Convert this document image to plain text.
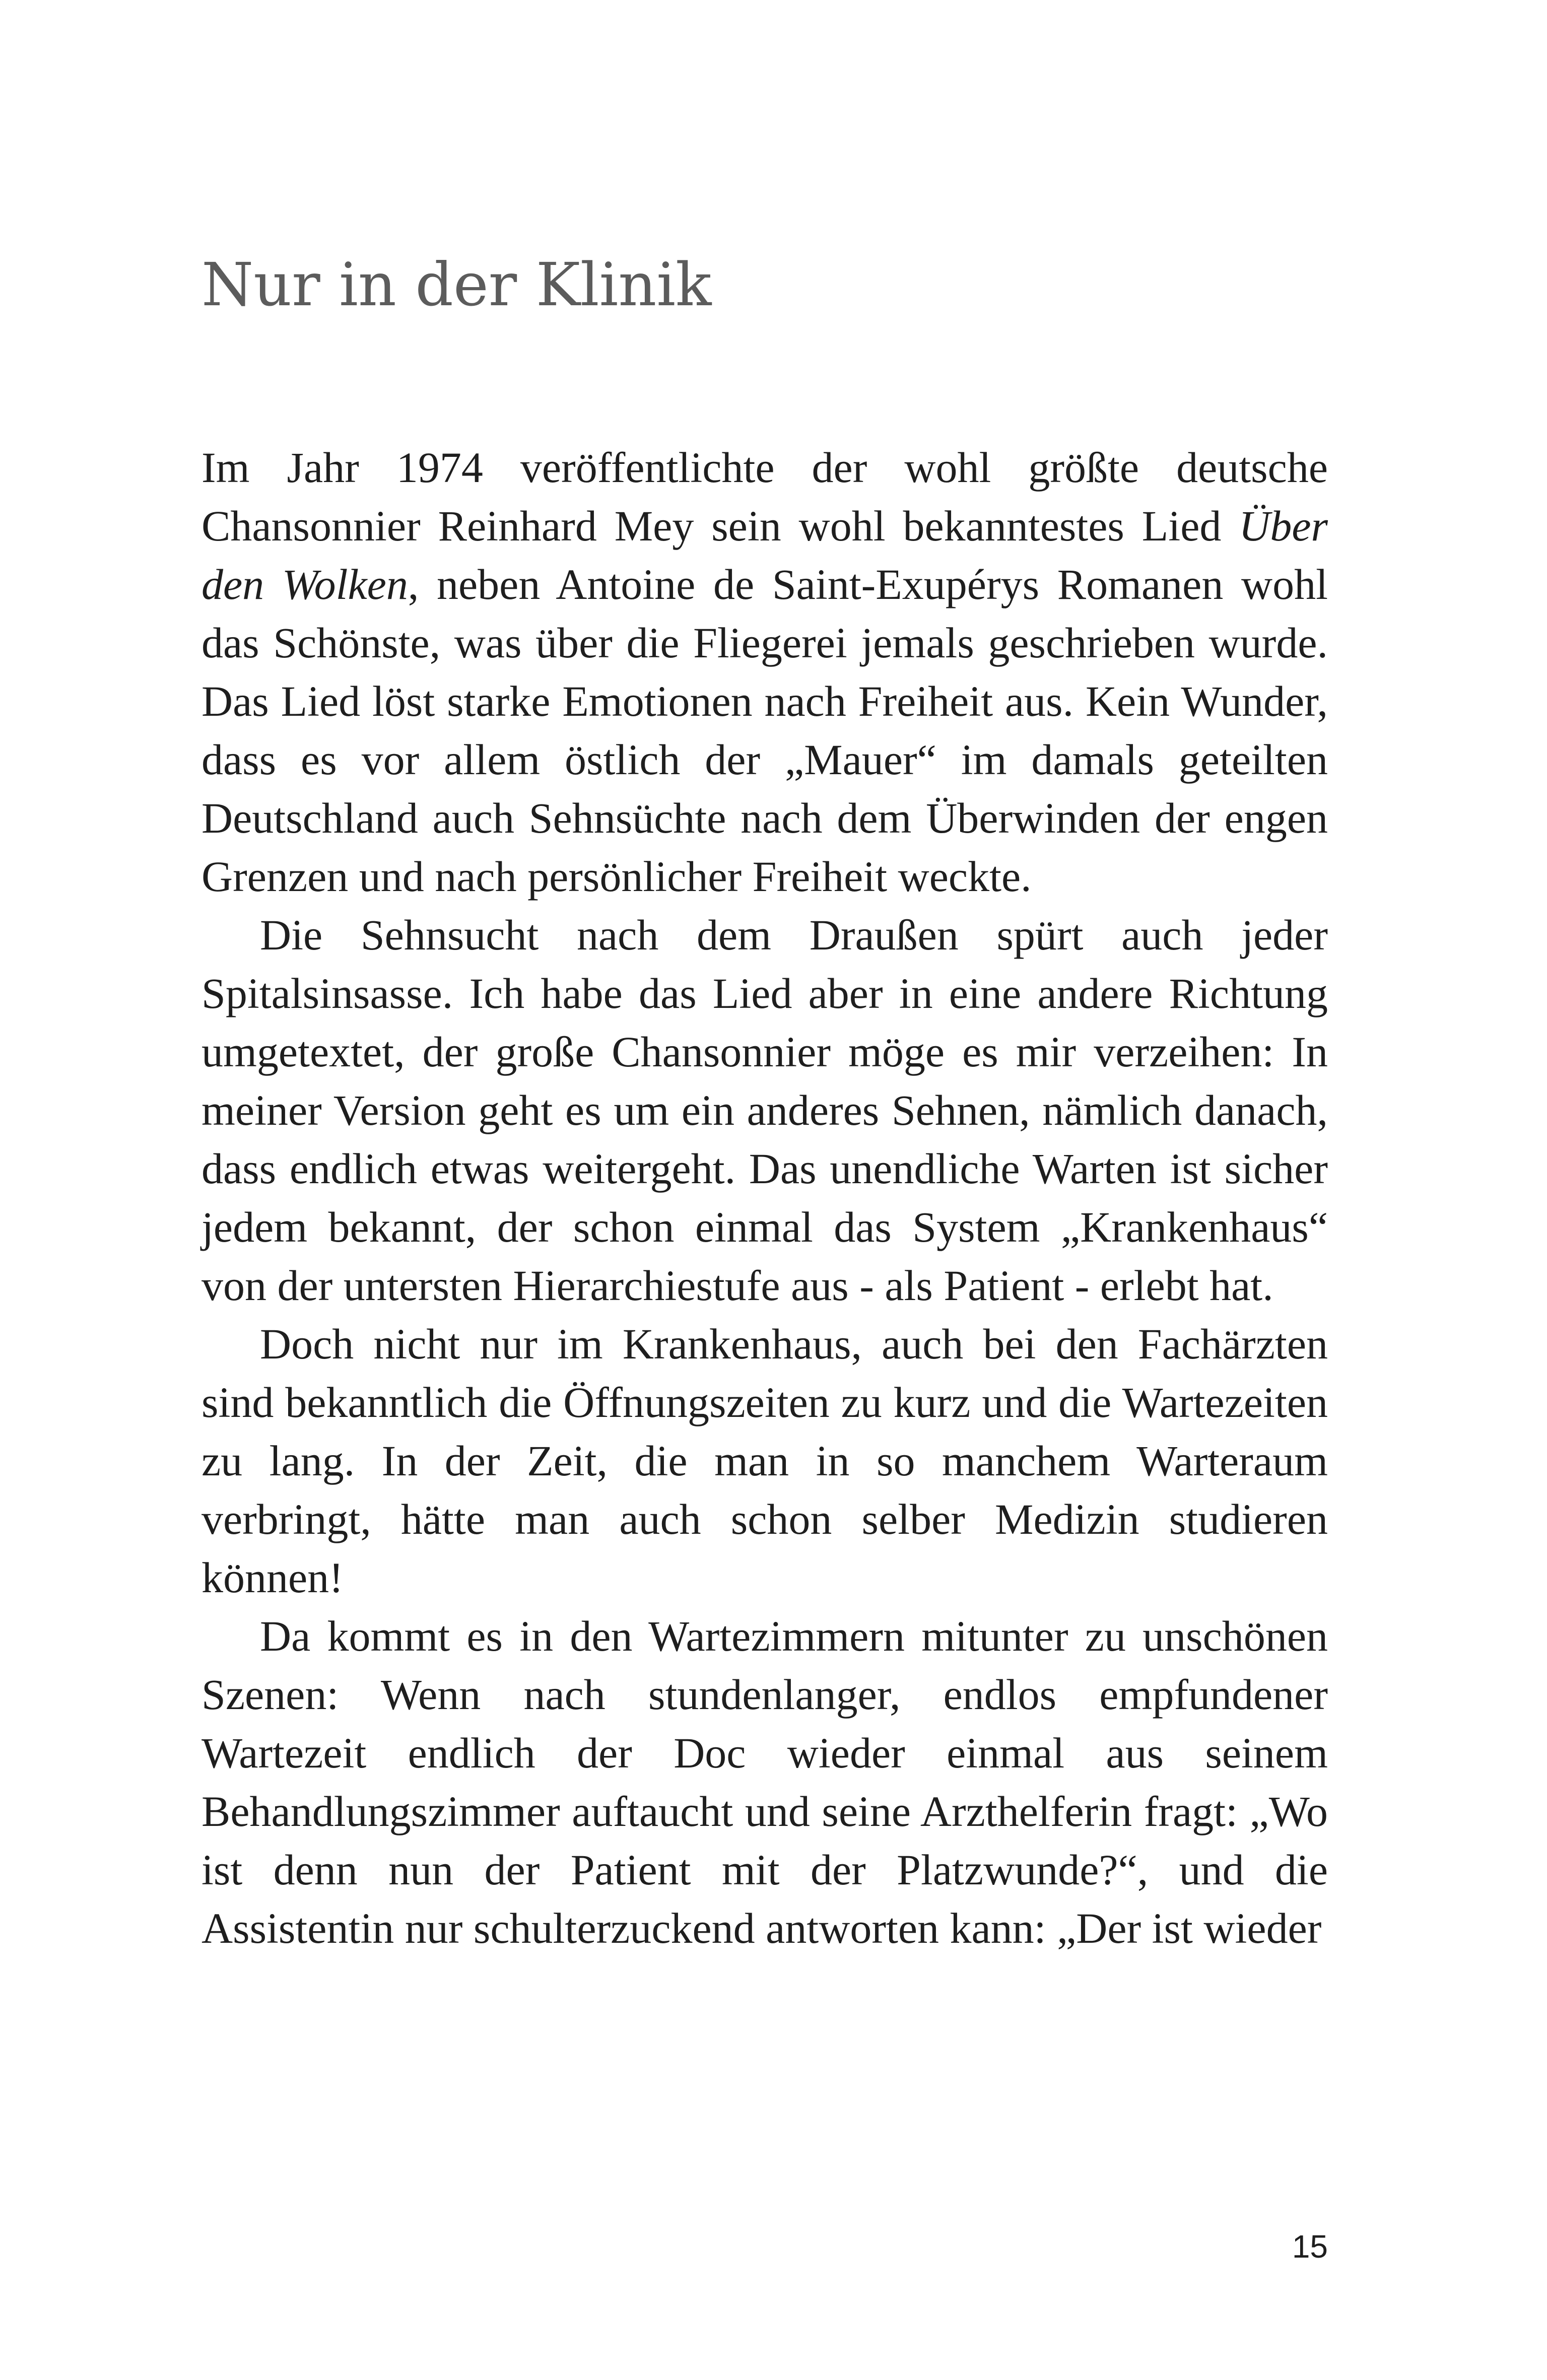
Nur in der Klinik

Im Jahr 1974 veröffentlichte der wohl größte deutsche Chansonnier Reinhard Mey sein wohl bekanntestes Lied Über den Wolken, neben Antoine de Saint-Exupérys Romanen wohl das Schönste, was über die Fliegerei jemals geschrieben wurde. Das Lied löst starke Emotionen nach Freiheit aus. Kein Wunder, dass es vor allem östlich der „Mauer“ im damals geteilten Deutschland auch Sehnsüchte nach dem Überwinden der engen Grenzen und nach persönlicher Freiheit weckte.

Die Sehnsucht nach dem Draußen spürt auch jeder Spitalsinsasse. Ich habe das Lied aber in eine andere Richtung umgetextet, der große Chansonnier möge es mir verzeihen: In meiner Version geht es um ein anderes Sehnen, nämlich danach, dass endlich etwas weitergeht. Das unendliche Warten ist sicher jedem bekannt, der schon einmal das System „Krankenhaus“ von der untersten Hierarchiestufe aus - als Patient - erlebt hat.

Doch nicht nur im Krankenhaus, auch bei den Fachärzten sind bekanntlich die Öffnungszeiten zu kurz und die Wartezeiten zu lang. In der Zeit, die man in so manchem Warteraum verbringt, hätte man auch schon selber Medizin studieren können!

Da kommt es in den Wartezimmern mitunter zu unschönen Szenen: Wenn nach stundenlanger, endlos empfundener Wartezeit endlich der Doc wieder einmal aus seinem Behandlungszimmer auftaucht und seine Arzthelferin fragt: „Wo ist denn nun der Patient mit der Platzwunde?“, und die Assistentin nur schulterzuckend antworten kann: „Der ist wieder

15
